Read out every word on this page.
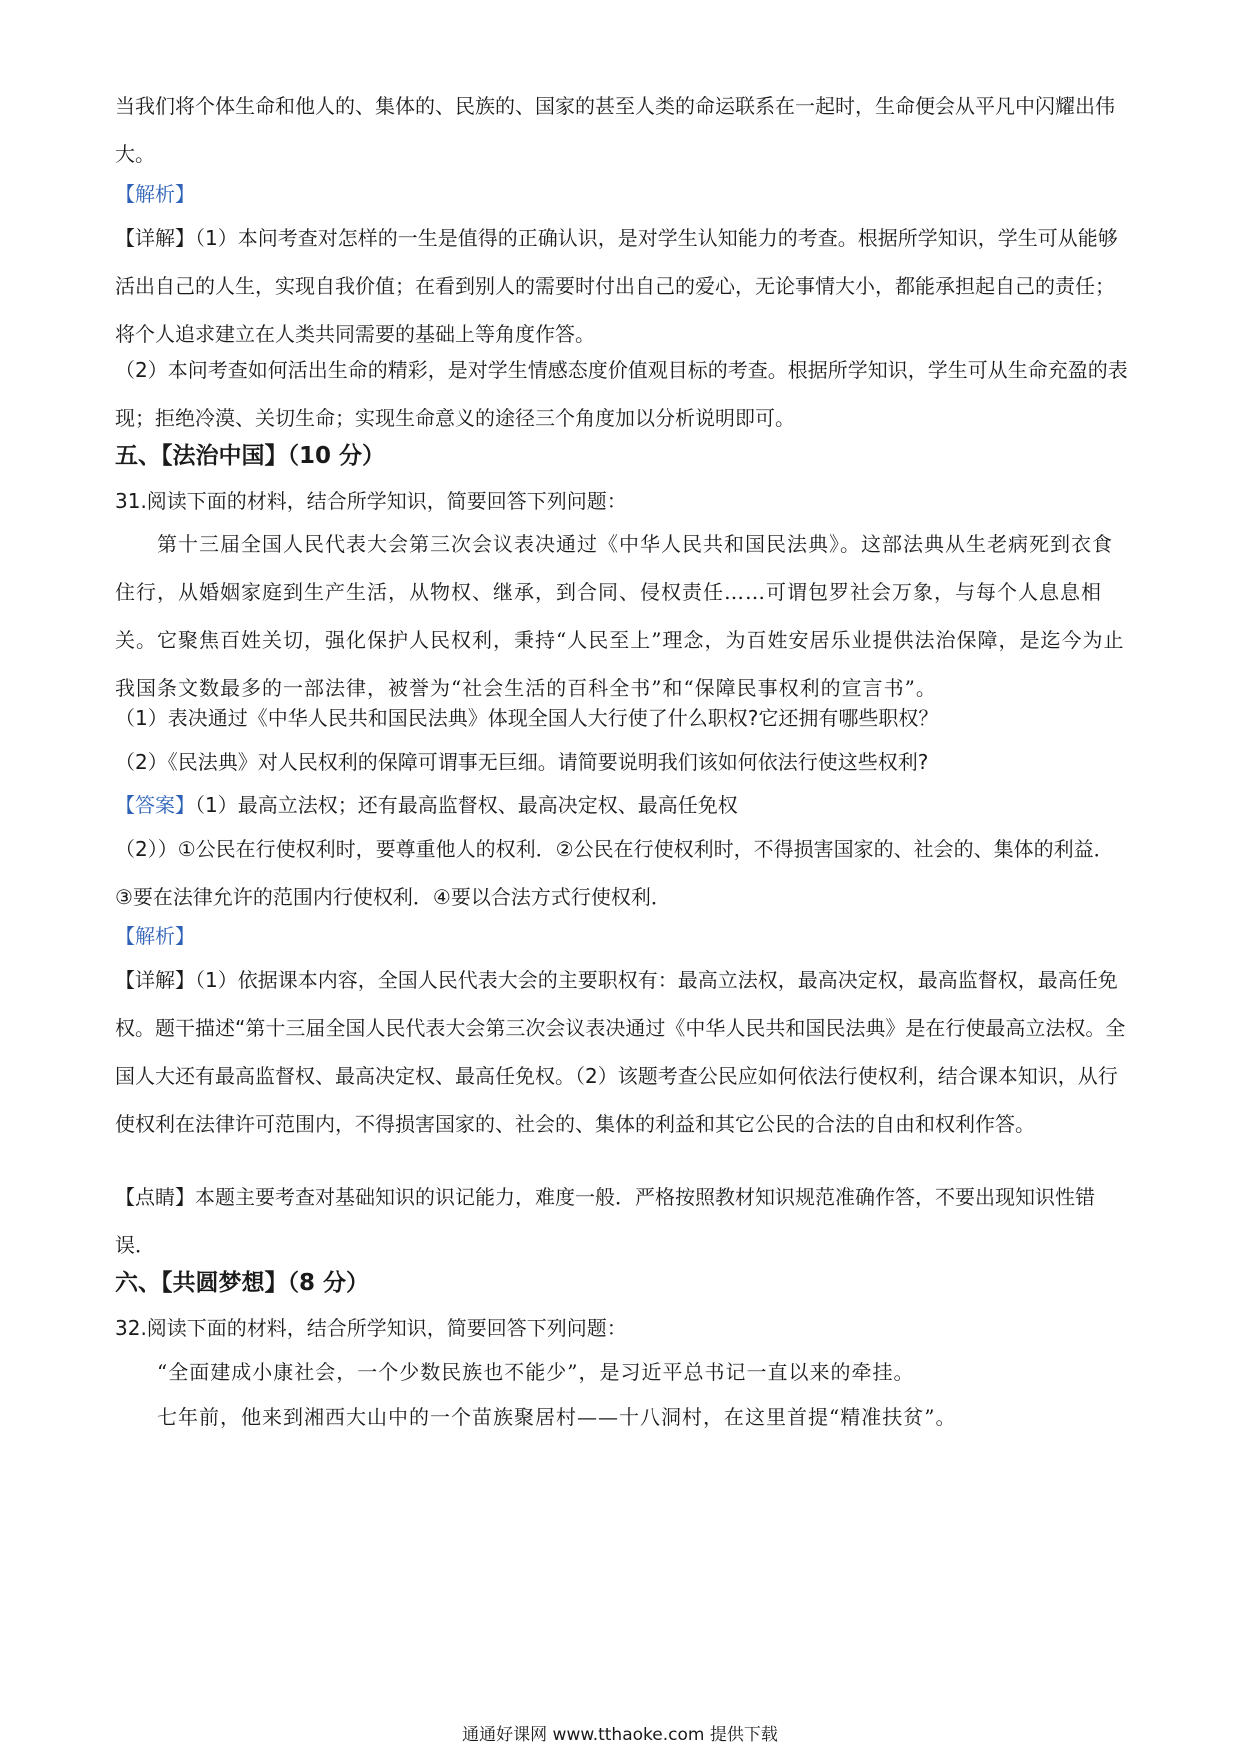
当我们将个体生命和他人的、集体的、民族的、国家的甚至人类的命运联系在一起时，生命便会从平凡中闪耀出伟大。

【解析】

【详解】（1）本问考查对怎样的一生是值得的正确认识，是对学生认知能力的考查。根据所学知识，学生可从能够活出自己的人生，实现自我价值；在看到别人的需要时付出自己的爱心，无论事情大小，都能承担起自己的责任；将个人追求建立在人类共同需要的基础上等角度作答。

（2）本问考查如何活出生命的精彩，是对学生情感态度价值观目标的考查。根据所学知识，学生可从生命充盈的表现；拒绝冷漠、关切生命；实现生命意义的途径三个角度加以分析说明即可。

五、【法治中国】（10 分）

31.阅读下面的材料，结合所学知识，简要回答下列问题：

第十三届全国人民代表大会第三次会议表决通过《中华人民共和国民法典》。这部法典从生老病死到衣食住行，从婚姻家庭到生产生活，从物权、继承，到合同、侵权责任……可谓包罗社会万象，与每个人息息相关。它聚焦百姓关切，强化保护人民权利，秉持“人民至上”理念，为百姓安居乐业提供法治保障，是迄今为止我国条文数最多的一部法律，被誉为“社会生活的百科全书”和“保障民事权利的宣言书”。

（1）表决通过《中华人民共和国民法典》体现全国人大行使了什么职权?它还拥有哪些职权？

（2）《民法典》对人民权利的保障可谓事无巨细。请简要说明我们该如何依法行使这些权利?

【答案】（1）最高立法权；还有最高监督权、最高决定权、最高任免权

（2））①公民在行使权利时，要尊重他人的权利．②公民在行使权利时，不得损害国家的、社会的、集体的利益．③要在法律允许的范围内行使权利．④要以合法方式行使权利．

【解析】

【详解】（1）依据课本内容，全国人民代表大会的主要职权有：最高立法权，最高决定权，最高监督权，最高任免权。题干描述“第十三届全国人民代表大会第三次会议表决通过《中华人民共和国民法典》是在行使最高立法权。全国人大还有最高监督权、最高决定权、最高任免权。（2）该题考查公民应如何依法行使权利，结合课本知识，从行使权利在法律许可范围内，不得损害国家的、社会的、集体的利益和其它公民的合法的自由和权利作答。

【点睛】本题主要考查对基础知识的识记能力，难度一般．严格按照教材知识规范准确作答，不要出现知识性错误．

六、【共圆梦想】（8 分）

32.阅读下面的材料，结合所学知识，简要回答下列问题：

“全面建成小康社会，一个少数民族也不能少”，是习近平总书记一直以来的牵挂。

七年前，他来到湘西大山中的一个苗族聚居村——十八洞村，在这里首提“精准扶贫”。

通通好课网 www.tthaoke.com 提供下载
